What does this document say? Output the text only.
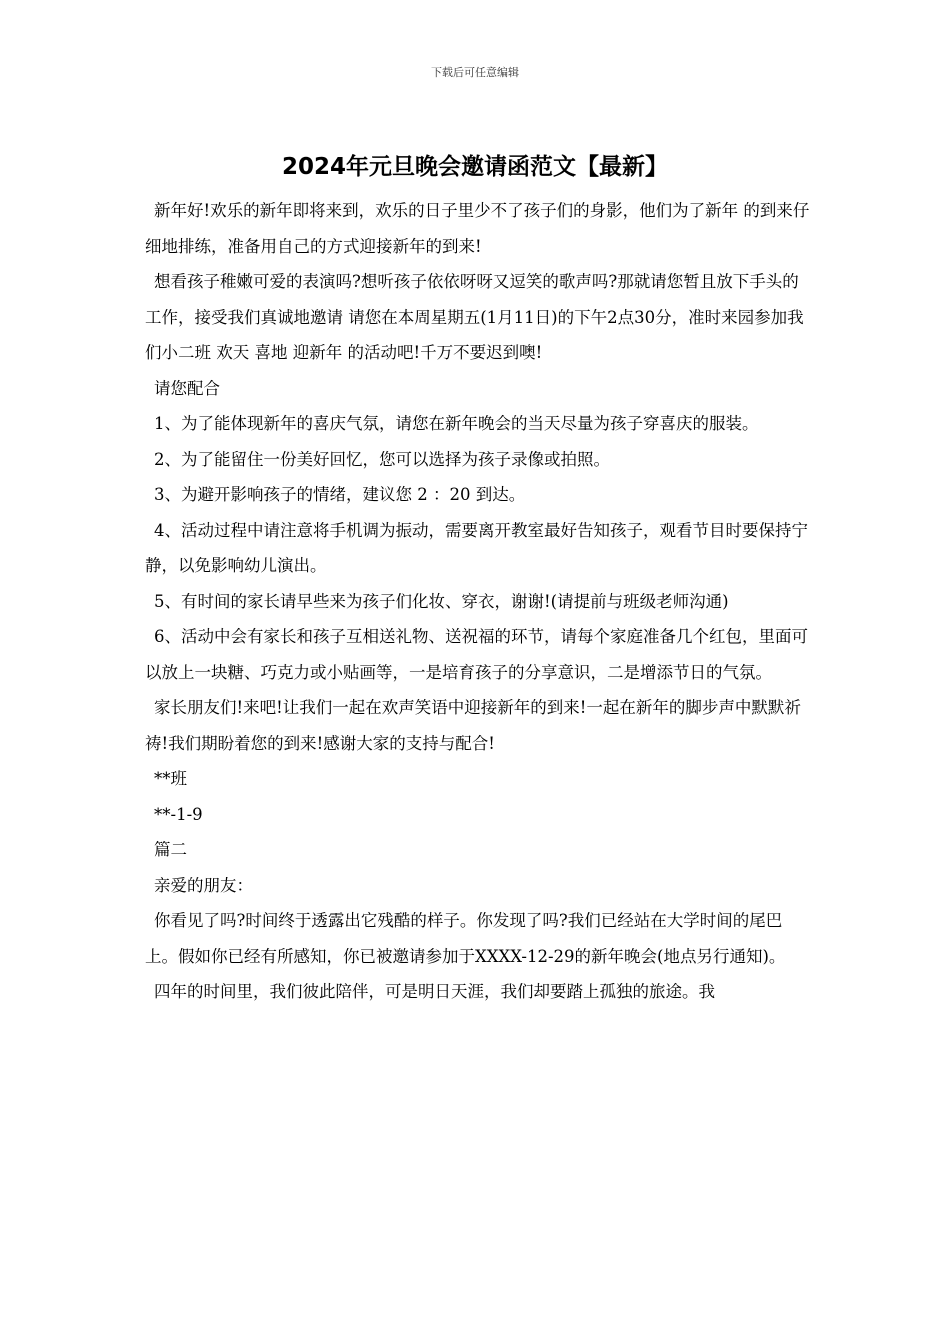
下载后可任意编辑
2024年元旦晚会邀请函范文【最新】

新年好!欢乐的新年即将来到，欢乐的日子里少不了孩子们的身影，他们为了新年 的到来仔细地排练，准备用自己的方式迎接新年的到来!

想看孩子稚嫩可爱的表演吗?想听孩子依依呀呀又逗笑的歌声吗?那就请您暂且放下手头的工作，接受我们真诚地邀请 请您在本周星期五(1月11日)的下午2点30分，准时来园参加我们小二班 欢天 喜地 迎新年 的活动吧!千万不要迟到噢!

请您配合

1、为了能体现新年的喜庆气氛，请您在新年晚会的当天尽量为孩子穿喜庆的服装。

2、为了能留住一份美好回忆，您可以选择为孩子录像或拍照。

3、为避开影响孩子的情绪，建议您 2 ：20 到达。

4、活动过程中请注意将手机调为振动，需要离开教室最好告知孩子，观看节目时要保持宁静，以免影响幼儿演出。

5、有时间的家长请早些来为孩子们化妆、穿衣，谢谢!(请提前与班级老师沟通)

6、活动中会有家长和孩子互相送礼物、送祝福的环节，请每个家庭准备几个红包，里面可以放上一块糖、巧克力或小贴画等，一是培育孩子的分享意识，二是增添节日的气氛。

家长朋友们!来吧!让我们一起在欢声笑语中迎接新年的到来!一起在新年的脚步声中默默祈祷!我们期盼着您的到来!感谢大家的支持与配合!

**班

**-1-9

篇二

亲爱的朋友：

你看见了吗?时间终于透露出它残酷的样子。你发现了吗?我们已经站在大学时间的尾巴上。假如你已经有所感知，你已被邀请参加于XXXX-12-29的新年晚会(地点另行通知)。

四年的时间里，我们彼此陪伴，可是明日天涯，我们却要踏上孤独的旅途。我
